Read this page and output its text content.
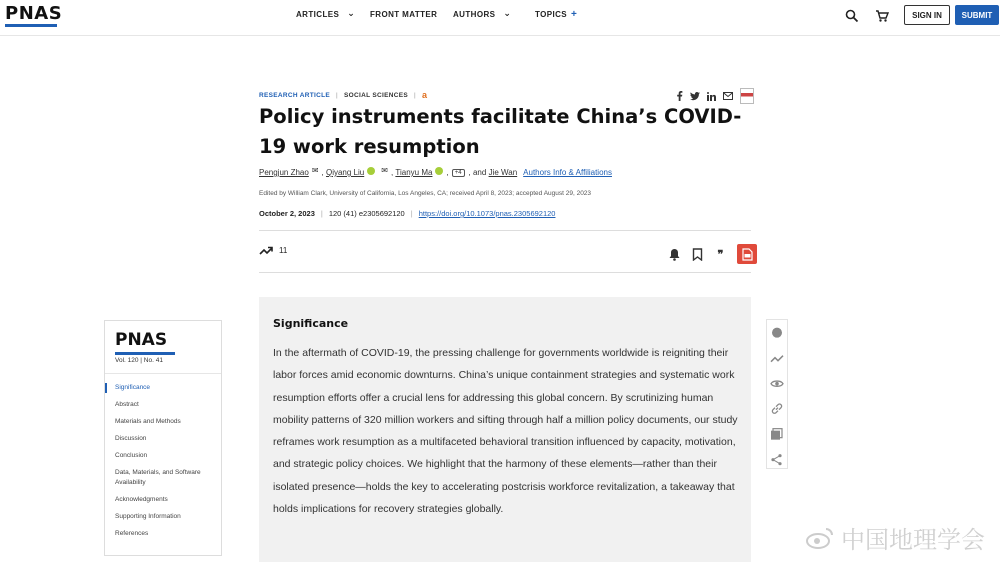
PNAS	ARTICLES ⌄ FRONT MATTER AUTHORS ⌄	TOPICS +	SIGN IN	SUBMIT
RESEARCH ARTICLE | SOCIAL SCIENCES | a
Policy instruments facilitate China’s COVID-19 work resumption
Pengjun Zhao ✉ , Qiyang Liu ✉ , Tianyu Ma ,	+4 , and
Jie Wan Authors Info & Affiliations
Edited by William Clark, University of California, Los Angeles, CA; received April 8, 2023; accepted August 29, 2023
October 2, 2023 | 120 (41) e2305692120 | https://doi.org/10.1073/pnas.2305692120
11	❞
PNAS
Vol. 120 | No. 41
Significance
Abstract
Materials and Methods
Discussion
Conclusion
Data, Materials, and Software Availability
Acknowledgments
Supporting Information
References
Significance
In the aftermath of COVID-19, the pressing challenge for governments worldwide is reigniting their labor forces amid economic downturns. China’s unique containment strategies and systematic work resumption efforts offer a crucial lens for addressing this global concern. By scrutinizing human mobility patterns of 320 million workers and sifting through half a million policy documents, our study reframes work resumption as a multifaceted behavioral transition influenced by capacity, motivation, and strategic policy choices. We highlight that the harmony of these elements—rather than their isolated presence—holds the key to accelerating postcrisis workforce revitalization, a takeaway that holds implications for recovery strategies globally.
中国地理学会
